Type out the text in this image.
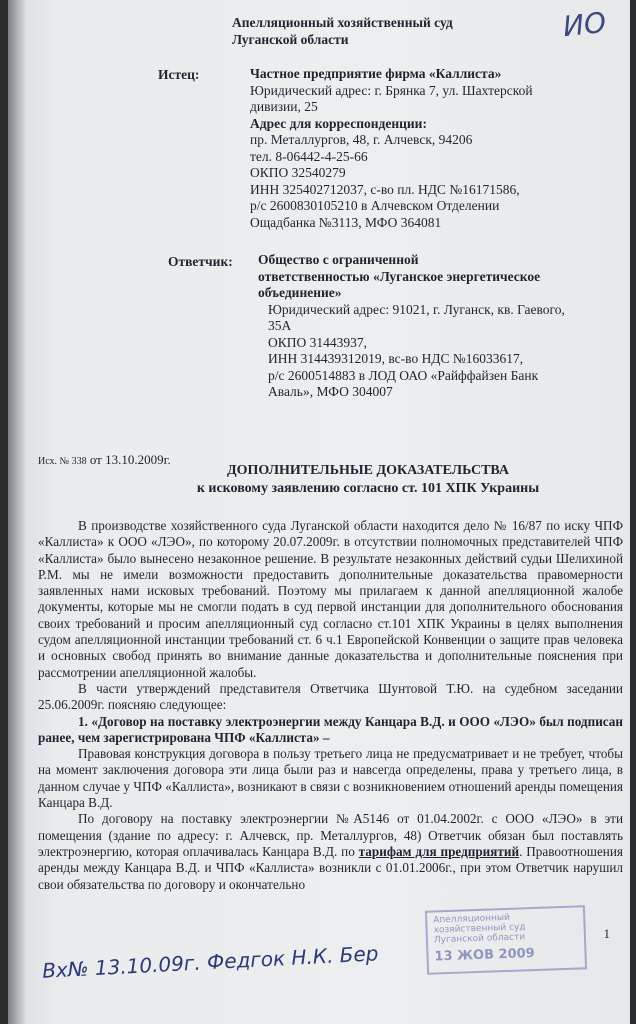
ИО
Апелляционный хозяйственный суд
Луганской области
Истец:	Частное предприятие фирма «Каллиста»
Юридический адрес: г. Брянка 7, ул. Шахтерской
дивизии, 25
Адрес для корреспонденции:
пр. Металлургов, 48, г. Алчевск, 94206
тел. 8-06442-4-25-66
ОКПО 32540279
ИНН 325402712037, с-во пл. НДС №16171586,
р/с 2600830105210 в Алчевском Отделении
Ощадбанка №3113, МФО 364081
Ответчик: Общество с ограниченной
ответственностью «Луганское энергетическое
объединение»
Юридический адрес: 91021, г. Луганск, кв. Гаевого,
35А
ОКПО 31443937,
ИНН 314439312019, вс-во НДС №16033617,
р/с 2600514883 в ЛОД ОАО «Райффайзен Банк
Аваль», МФО 304007
Исх. № 338 от 13.10.2009г.
ДОПОЛНИТЕЛЬНЫЕ ДОКАЗАТЕЛЬСТВА
к исковому заявлению согласно ст. 101 ХПК Украины

В производстве хозяйственного суда Луганской области находится дело № 16/87 по иску ЧПФ «Каллиста» к ООО «ЛЭО», по которому 20.07.2009г. в отсутствии полномочных представителей ЧПФ «Каллиста» было вынесено незаконное решение. В результате незаконных действий судьи Шелихиной Р.М. мы не имели возможности предоставить дополнительные доказательства правомерности заявленных нами исковых требований. Поэтому мы прилагаем к данной апелляционной жалобе документы, которые мы не смогли подать в суд первой инстанции для дополнительного обоснования своих требований и просим апелляционный суд согласно ст.101 ХПК Украины в целях выполнения судом апелляционной инстанции требований ст. 6 ч.1 Европейской Конвенции о защите прав человека и основных свобод принять во внимание данные доказательства и дополнительные пояснения при рассмотрении апелляционной жалобы.

В части утверждений представителя Ответчика Шунтовой Т.Ю. на судебном заседании 25.06.2009г. поясняю следующее:

1. «Договор на поставку электроэнергии между Канцара В.Д. и ООО «ЛЭО» был подписан ранее, чем зарегистрирована ЧПФ «Каллиста» –

Правовая конструкция договора в пользу третьего лица не предусматривает и не требует, чтобы на момент заключения договора эти лица были раз и навсегда определены, права у третьего лица, в данном случае у ЧПФ «Каллиста», возникают в связи с возникновением отношений аренды помещения Канцара В.Д.

По договору на поставку электроэнергии №А5146 от 01.04.2002г. с ООО «ЛЭО» в эти помещения (здание по адресу: г. Алчевск, пр. Металлургов, 48) Ответчик обязан был поставлять электроэнергию, которая оплачивалась Канцара В.Д. по тарифам для предприятий. Правоотношения аренды между Канцара В.Д. и ЧПФ «Каллиста» возникли с 01.01.2006г., при этом Ответчик нарушил свои обязательства по договору и окончательно

Апелляционный хозяйственный суд Луганской области
13 ЖОВ 2009
1
Вх№ 13.10.09г. Федгок Н.К. Бер
